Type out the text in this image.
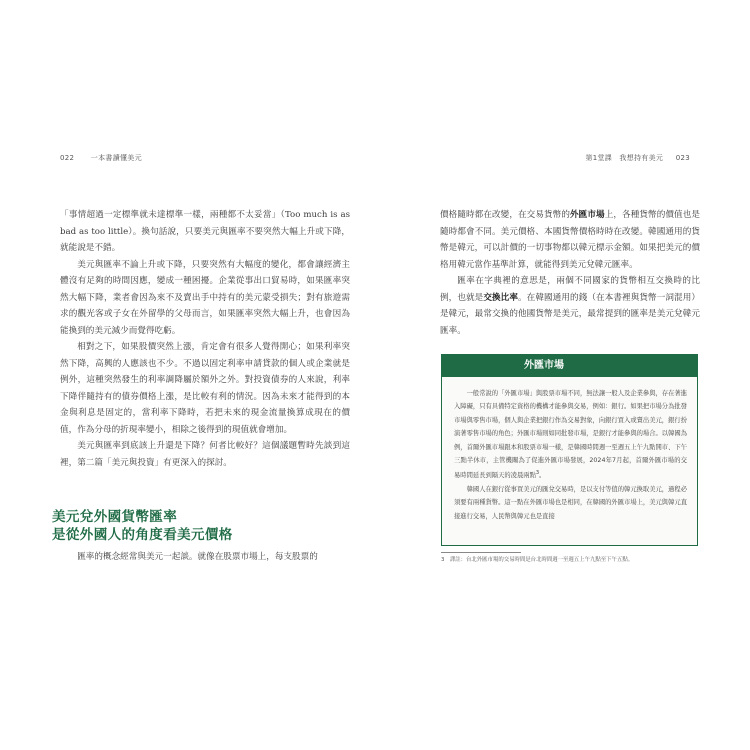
022 一本書讀懂美元	第1堂課　我想持有美元 023

「事情超過一定標準就未達標準一樣，兩種都不太妥當」（Too much is as bad as too little）。換句話說，只要美元與匯率不要突然大幅上升或下降，就能說是不錯。

美元與匯率不論上升或下降，只要突然有大幅度的變化，都會讓經濟主體沒有足夠的時間因應，變成一種困擾。企業從事出口貿易時，如果匯率突然大幅下降，業者會因為來不及賣出手中持有的美元蒙受損失；對有旅遊需求的觀光客或子女在外留學的父母而言，如果匯率突然大幅上升，也會因為能換到的美元減少而覺得吃虧。

相對之下，如果股價突然上漲，肯定會有很多人覺得開心；如果利率突然下降，高興的人應該也不少。不過以固定利率申請貸款的個人或企業就是例外，這種突然發生的利率調降屬於額外之外。對投資債券的人來說，利率下降伴隨持有的債券價格上漲，是比較有利的情況。因為未來才能得到的本金與利息是固定的，當利率下降時，若把未來的現金流量換算成現在的價值，作為分母的折現率變小，相除之後得到的現值就會增加。

美元與匯率到底該上升還是下降？何者比較好？這個議題暫時先談到這裡，第二篇「美元與投資」有更深入的探討。

美元兌外國貨幣匯率
是從外國人的角度看美元價格

匯率的概念經常與美元一起談。就像在股票市場上，每支股票的

價格隨時都在改變，在交易貨幣的外匯市場上，各種貨幣的價值也是隨時都會不同。美元價格、本國貨幣價格時時在改變。韓國通用的貨幣是韓元，可以計價的一切事物都以韓元標示金額。如果把美元的價格用韓元當作基準計算，就能得到美元兌韓元匯率。

匯率在字典裡的意思是，兩個不同國家的貨幣相互交換時的比例，也就是交換比率。在韓國通用的錢（在本書裡與貨幣一詞混用）是韓元，最常交換的他國貨幣是美元，最常提到的匯率是美元兌韓元匯率。

外匯市場

一般常說的「外匯市場」與股票市場不同，無法讓一般人及企業參與，存在著進入障礙，只有具備特定資格的機構才能參與交易，例如：銀行。如果把市場分為批發市場與零售市場，個人與企業把銀行作為交易對象，向銀行買入或賣出美元，銀行扮演著零售市場的角色；外匯市場則如同批發市場，是銀行才能參與的場合。以韓國為例，首爾外匯市場跟本和股票市場一樣，是韓國時間週一至週五上午九點開市、下午三點半休市，主管機關為了促進外匯市場發展，2024年7月起，首爾外匯市場的交易時間延長到隔天的凌晨兩點$^3$。

韓國人在銀行從事買美元的匯兌交易時，是以支付等值的韓元換取美元，過程必須要有兩種貨幣。這一點在外匯市場也是相同，在韓國的外匯市場上，美元與韓元直接進行交易，人民幣與韓元也是直接

3　譯註：台北外匯市場的交易時間是台北時間週一至週五上午九點至下午五點。
